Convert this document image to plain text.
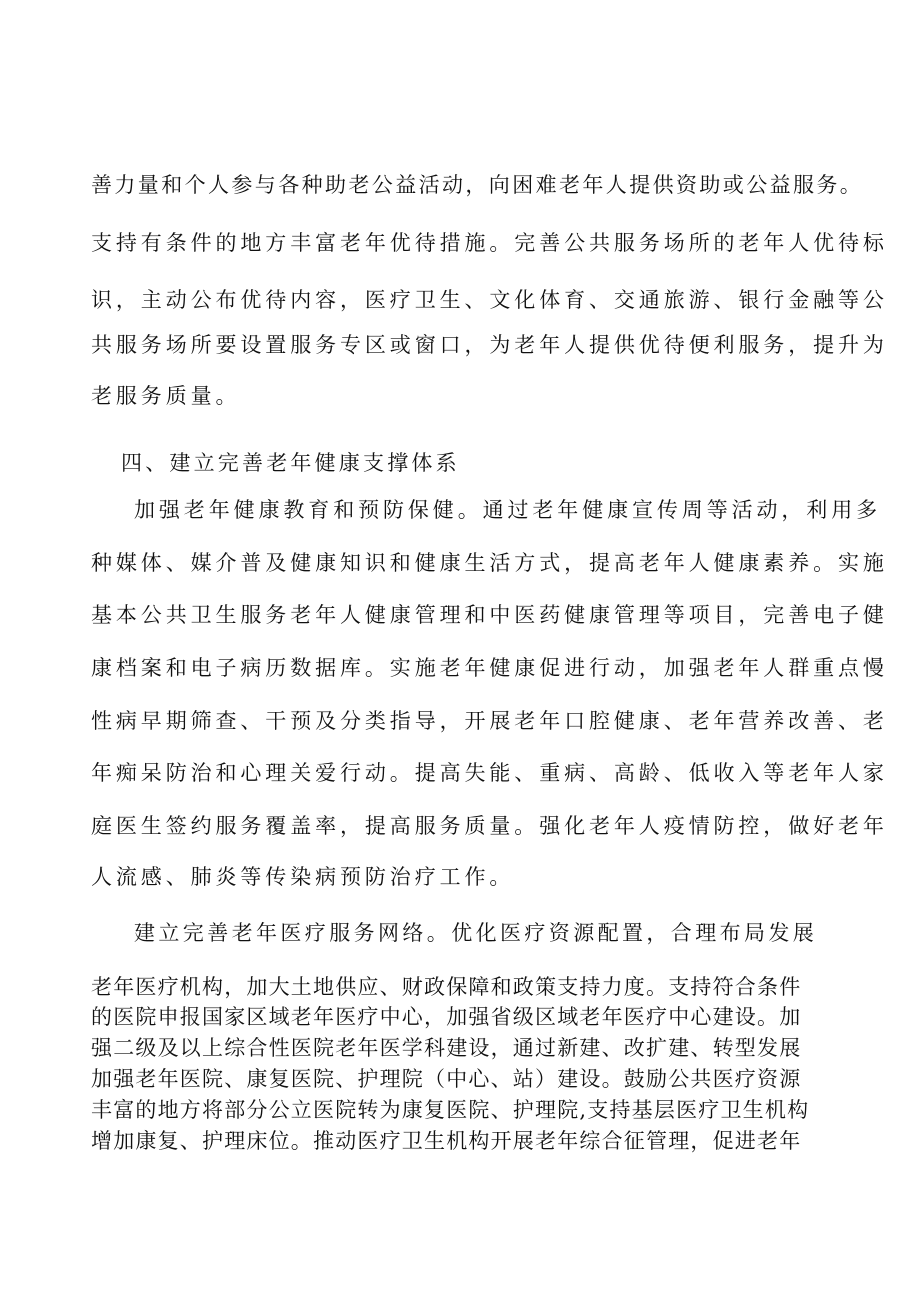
善力量和个人参与各种助老公益活动，向困难老年人提供资助或公益服务。
支持有条件的地方丰富老年优待措施。完善公共服务场所的老年人优待标
识，主动公布优待内容，医疗卫生、文化体育、交通旅游、银行金融等公
共服务场所要设置服务专区或窗口，为老年人提供优待便利服务，提升为
老服务质量。
四、建立完善老年健康支撑体系
加强老年健康教育和预防保健。通过老年健康宣传周等活动，利用多
种媒体、媒介普及健康知识和健康生活方式，提高老年人健康素养。实施
基本公共卫生服务老年人健康管理和中医药健康管理等项目，完善电子健
康档案和电子病历数据库。实施老年健康促进行动，加强老年人群重点慢
性病早期筛查、干预及分类指导，开展老年口腔健康、老年营养改善、老
年痴呆防治和心理关爱行动。提高失能、重病、高龄、低收入等老年人家
庭医生签约服务覆盖率，提高服务质量。强化老年人疫情防控，做好老年
人流感、肺炎等传染病预防治疗工作。
建立完善老年医疗服务网络。优化医疗资源配置，合理布局发展
老年医疗机构，加大土地供应、财政保障和政策支持力度。支持符合条件
的医院申报国家区域老年医疗中心，加强省级区域老年医疗中心建设。加
强二级及以上综合性医院老年医学科建设，通过新建、改扩建、转型发展
加强老年医院、康复医院、护理院（中心、站）建设。鼓励公共医疗资源
丰富的地方将部分公立医院转为康复医院、护理院,支持基层医疗卫生机构
增加康复、护理床位。推动医疗卫生机构开展老年综合征管理，促进老年
